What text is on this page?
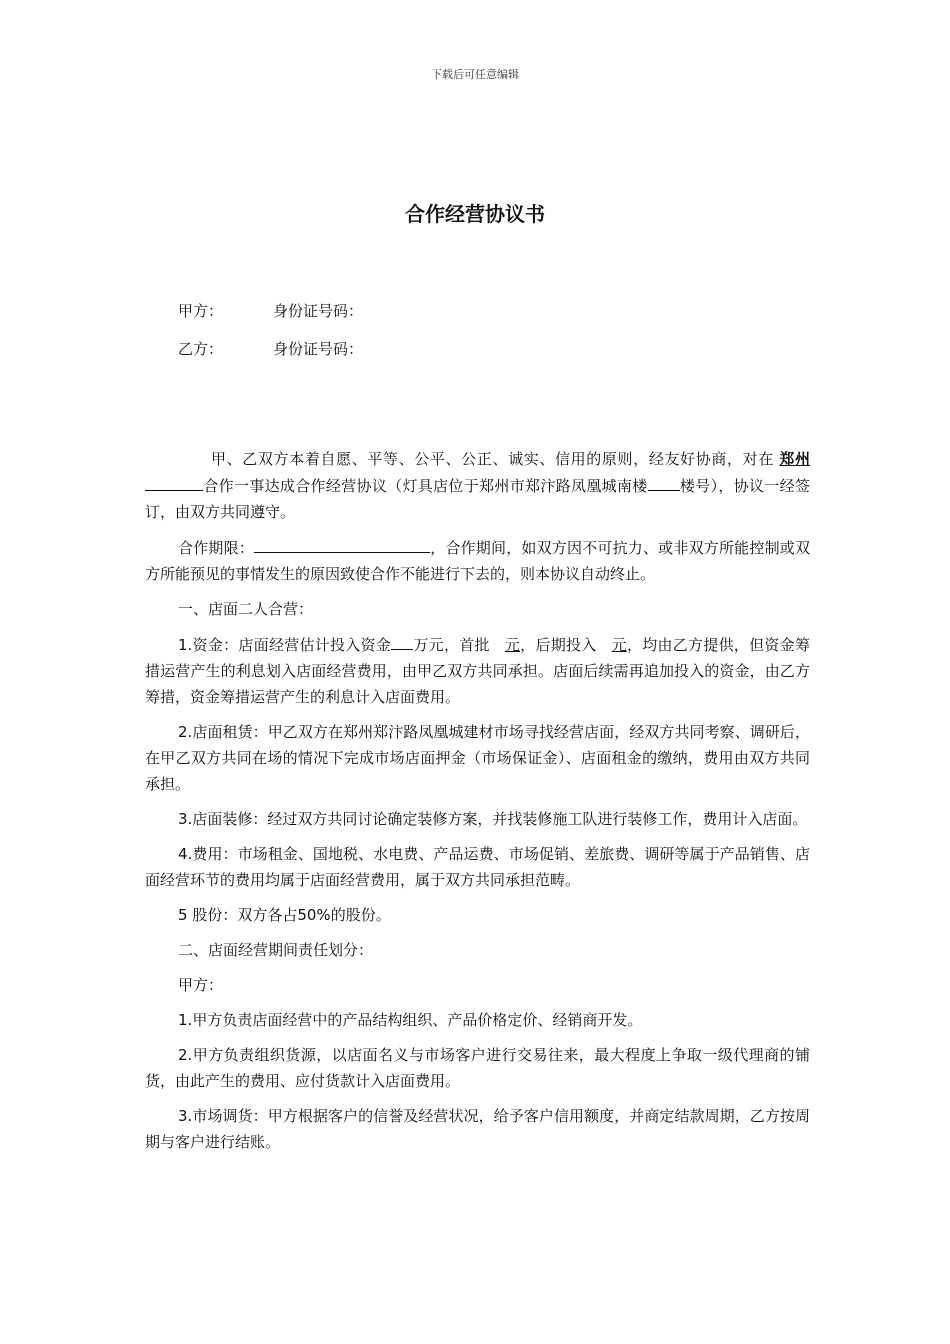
下载后可任意编辑
合作经营协议书
甲方：	身份证号码：
乙方：	身份证号码：

甲、乙双方本着自愿、平等、公平、公正、诚实、信用的原则，经友好协商，对在 郑州合作一事达成合作经营协议（灯具店位于郑州市郑汴路凤凰城南楼 楼号），协议一经签订，由双方共同遵守。

合作期限：	，合作期间，如双方因不可抗力、或非双方所能控制或双方所能预见的事情发生的原因致使合作不能进行下去的，则本协议自动终止。

一、店面二人合营：

1.资金：店面经营估计投入资金 万元，首批 元，后期投入 元，均由乙方提供，但资金筹措运营产生的利息划入店面经营费用，由甲乙双方共同承担。店面后续需再追加投入的资金，由乙方筹措，资金筹措运营产生的利息计入店面费用。

2.店面租赁：甲乙双方在郑州郑汴路凤凰城建材市场寻找经营店面，经双方共同考察、调研后，在甲乙双方共同在场的情况下完成市场店面押金（市场保证金）、店面租金的缴纳，费用由双方共同承担。

3.店面装修：经过双方共同讨论确定装修方案，并找装修施工队进行装修工作，费用计入店面。

4.费用：市场租金、国地税、水电费、产品运费、市场促销、差旅费、调研等属于产品销售、店面经营环节的费用均属于店面经营费用，属于双方共同承担范畴。

5 股份：双方各占50%的股份。

二、店面经营期间责任划分：

甲方：

1.甲方负责店面经营中的产品结构组织、产品价格定价、经销商开发。

2.甲方负责组织货源，以店面名义与市场客户进行交易往来，最大程度上争取一级代理商的铺货，由此产生的费用、应付货款计入店面费用。

3.市场调货：甲方根据客户的信誉及经营状况，给予客户信用额度，并商定结款周期，乙方按周期与客户进行结账。
